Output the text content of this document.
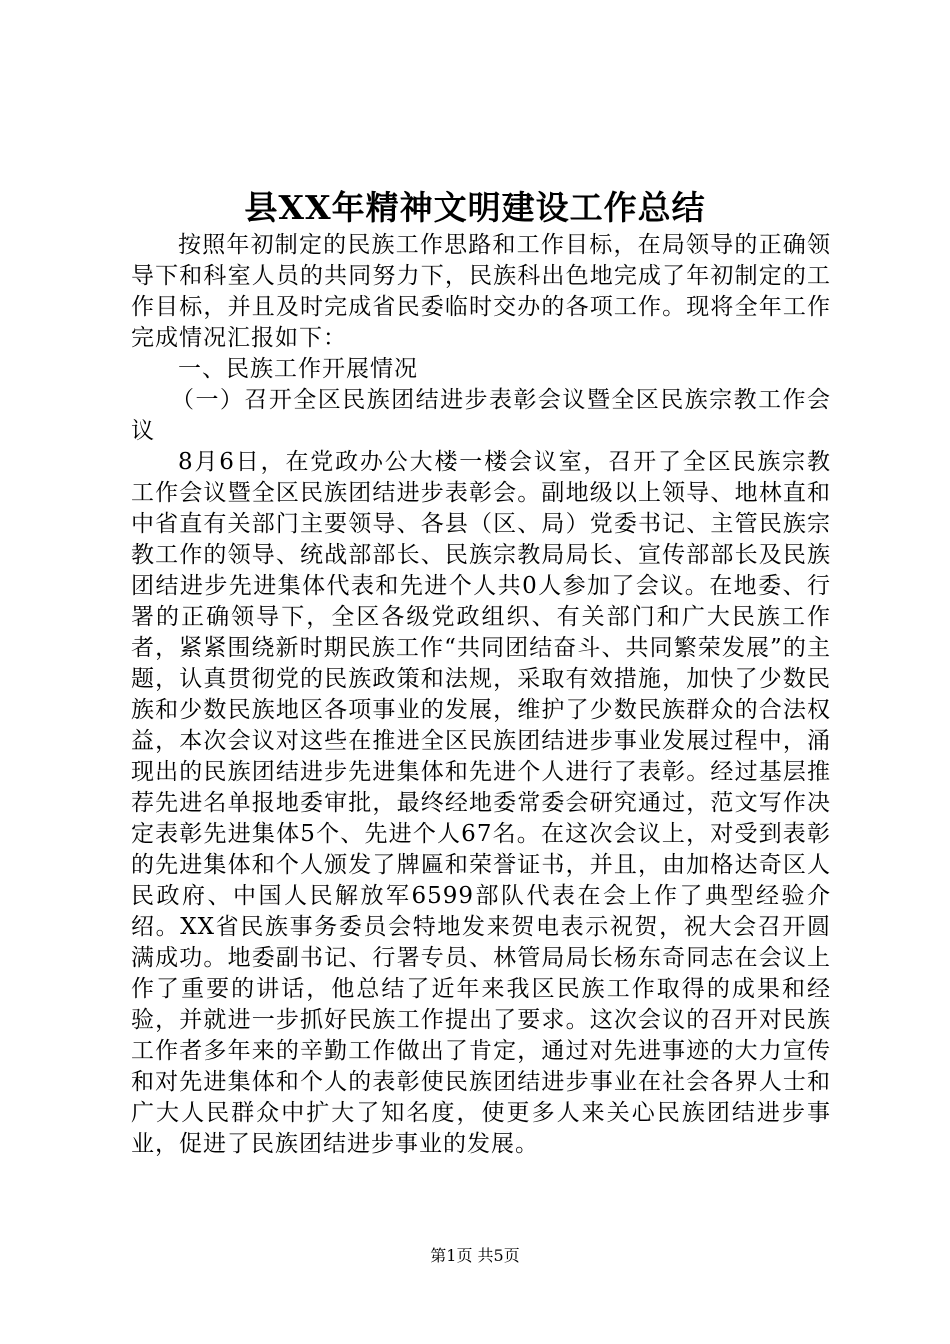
县XX年精神文明建设工作总结

按照年初制定的民族工作思路和工作目标，在局领导的正确领导下和科室人员的共同努力下，民族科出色地完成了年初制定的工作目标，并且及时完成省民委临时交办的各项工作。现将全年工作完成情况汇报如下：

一、民族工作开展情况

（一）召开全区民族团结进步表彰会议暨全区民族宗教工作会议

8月6日，在党政办公大楼一楼会议室，召开了全区民族宗教工作会议暨全区民族团结进步表彰会。副地级以上领导、地林直和中省直有关部门主要领导、各县（区、局）党委书记、主管民族宗教工作的领导、统战部部长、民族宗教局局长、宣传部部长及民族团结进步先进集体代表和先进个人共0人参加了会议。在地委、行署的正确领导下，全区各级党政组织、有关部门和广大民族工作者，紧紧围绕新时期民族工作“共同团结奋斗、共同繁荣发展”的主题，认真贯彻党的民族政策和法规，采取有效措施，加快了少数民族和少数民族地区各项事业的发展，维护了少数民族群众的合法权益，本次会议对这些在推进全区民族团结进步事业发展过程中，涌现出的民族团结进步先进集体和先进个人进行了表彰。经过基层推荐先进名单报地委审批，最终经地委常委会研究通过，范文写作决定表彰先进集体5个、先进个人67名。在这次会议上，对受到表彰的先进集体和个人颁发了牌匾和荣誉证书，并且，由加格达奇区人民政府、中国人民解放军6599部队代表在会上作了典型经验介绍。XX省民族事务委员会特地发来贺电表示祝贺，祝大会召开圆满成功。地委副书记、行署专员、林管局局长杨东奇同志在会议上作了重要的讲话，他总结了近年来我区民族工作取得的成果和经验，并就进一步抓好民族工作提出了要求。这次会议的召开对民族工作者多年来的辛勤工作做出了肯定，通过对先进事迹的大力宣传和对先进集体和个人的表彰使民族团结进步事业在社会各界人士和广大人民群众中扩大了知名度，使更多人来关心民族团结进步事业，促进了民族团结进步事业的发展。

第1页 共5页
